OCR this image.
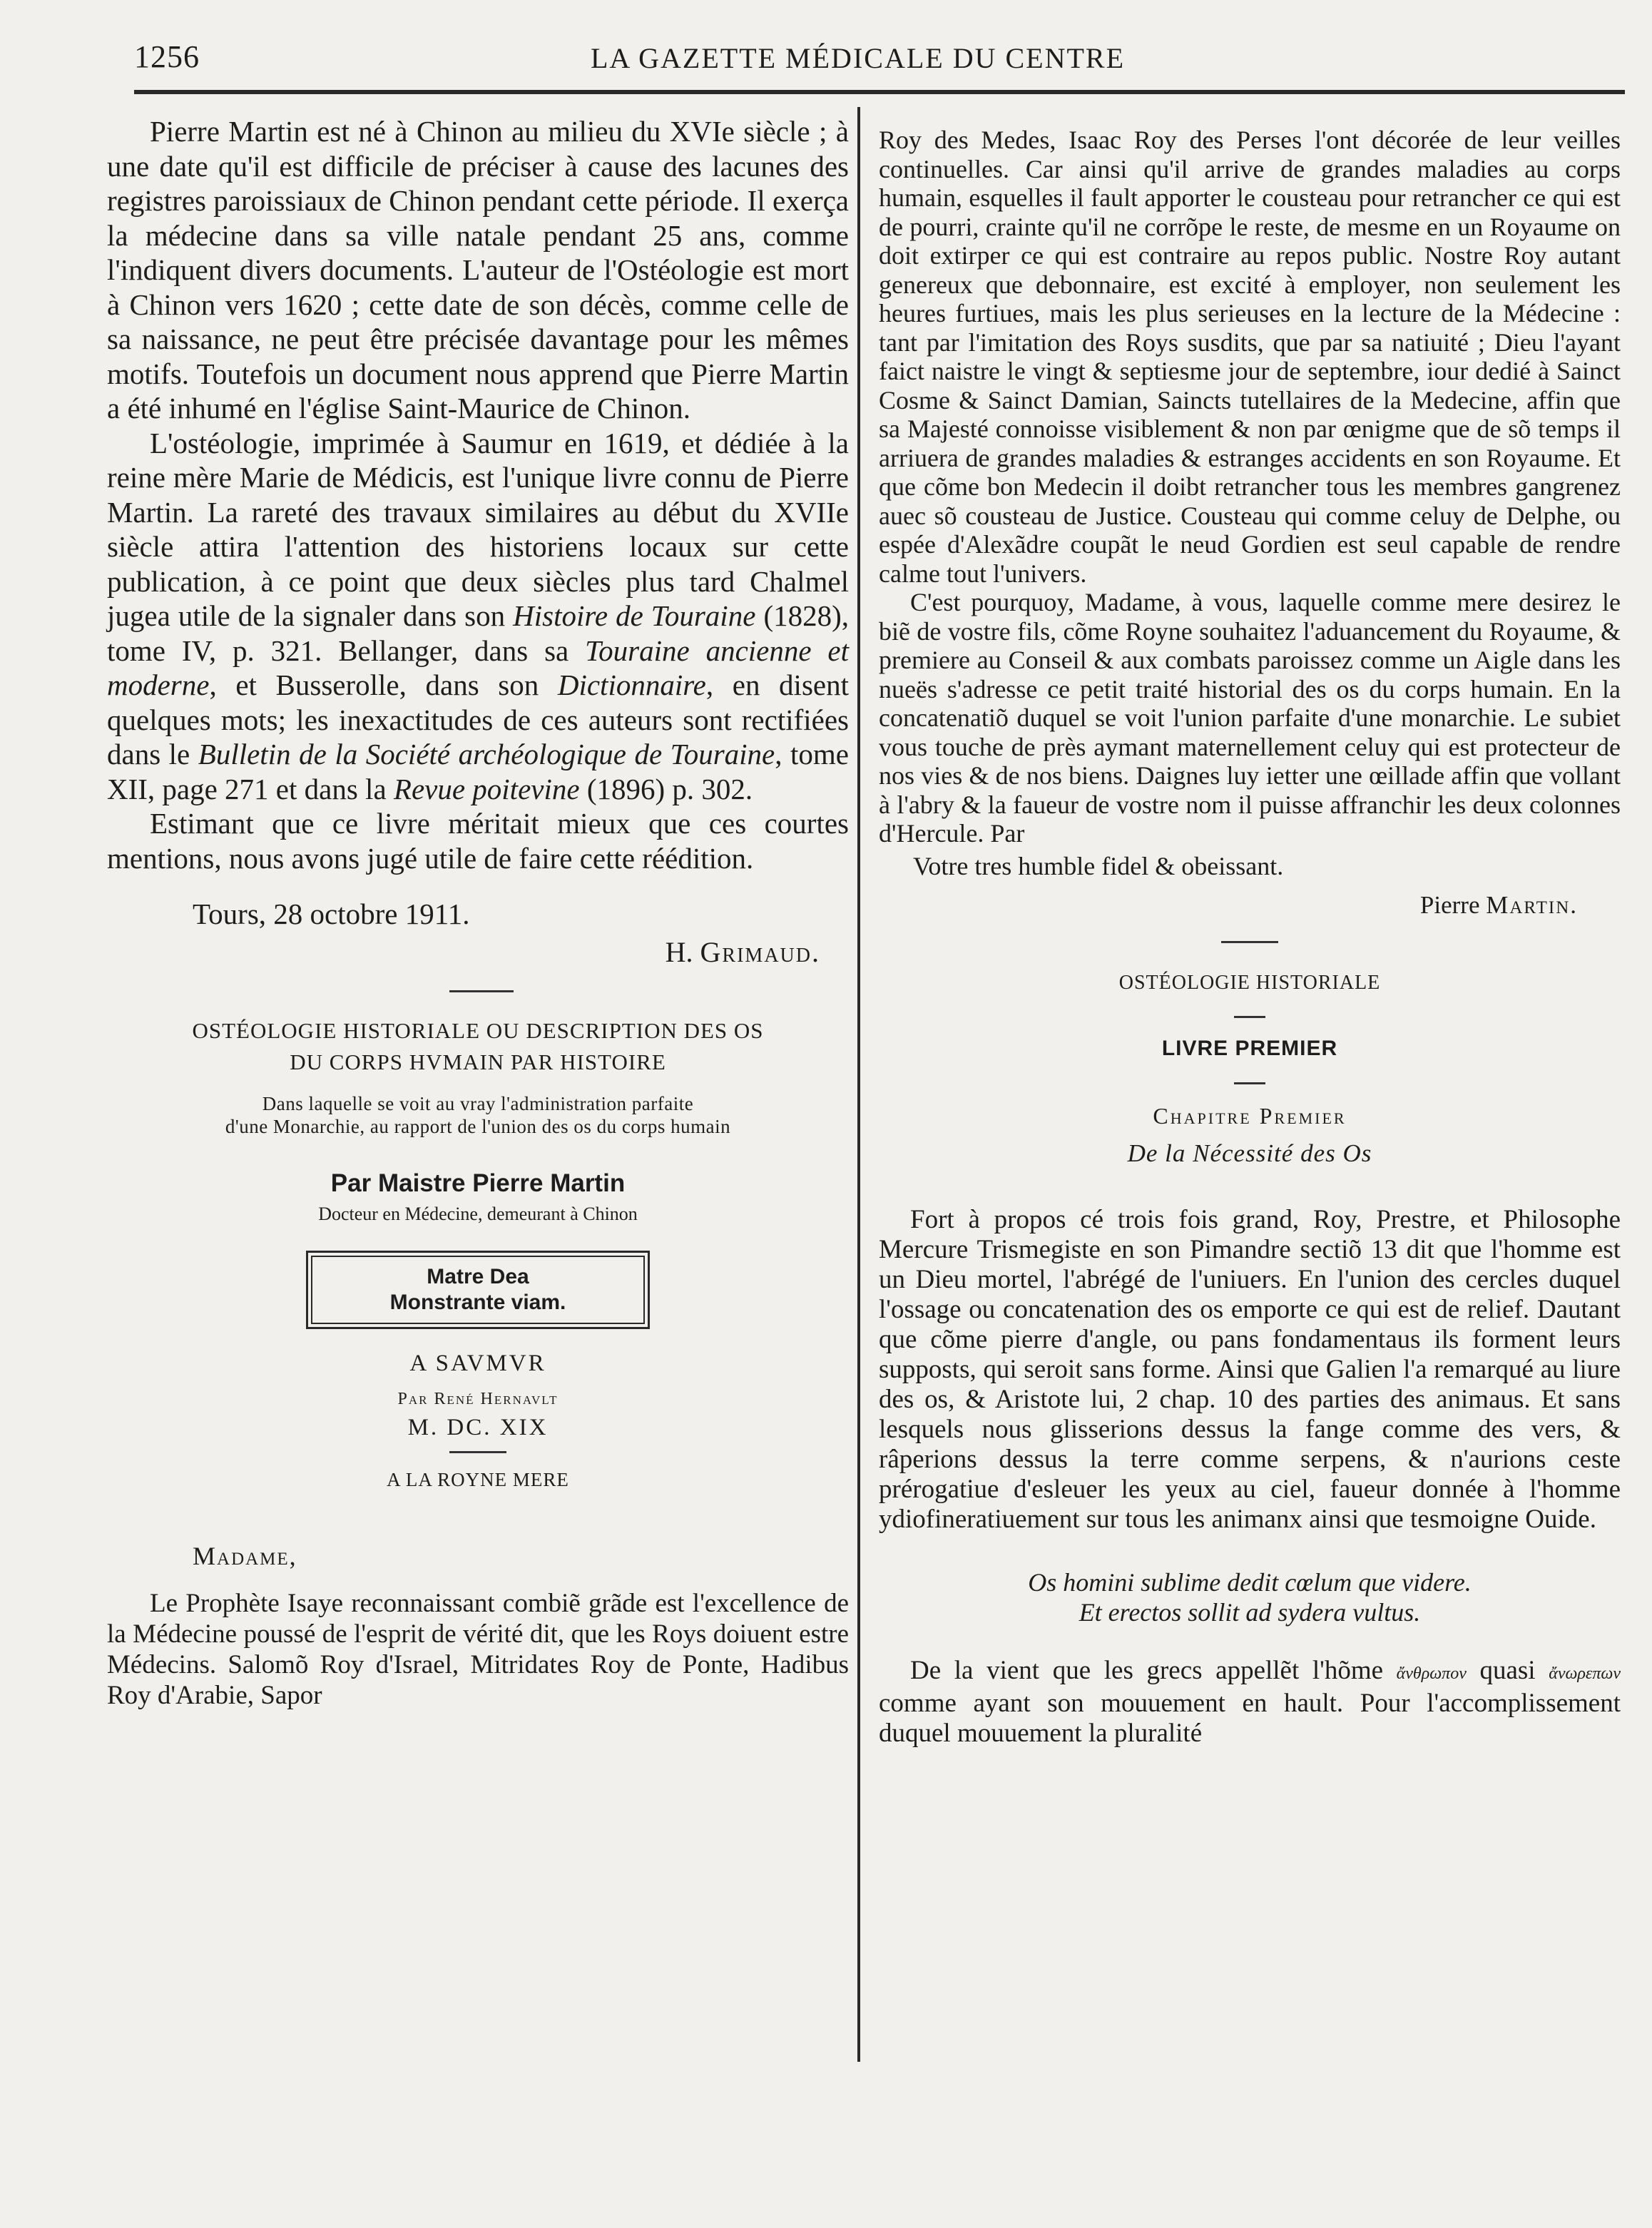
1256	LA GAZETTE MÉDICALE DU CENTRE

Pierre Martin est né à Chinon au milieu du XVIe siècle ; à une date qu'il est difficile de préciser à cause des lacunes des registres paroissiaux de Chinon pendant cette période. Il exerça la médecine dans sa ville natale pendant 25 ans, comme l'indiquent divers documents. L'auteur de l'Ostéologie est mort à Chinon vers 1620 ; cette date de son décès, comme celle de sa naissance, ne peut être précisée davantage pour les mêmes motifs. Toutefois un document nous apprend que Pierre Martin a été inhumé en l'église Saint-Maurice de Chinon.

L'ostéologie, imprimée à Saumur en 1619, et dédiée à la reine mère Marie de Médicis, est l'unique livre connu de Pierre Martin. La rareté des travaux similaires au début du XVIIe siècle attira l'attention des historiens locaux sur cette publication, à ce point que deux siècles plus tard Chalmel jugea utile de la signaler dans son Histoire de Touraine (1828), tome IV, p. 321. Bellanger, dans sa Touraine ancienne et moderne, et Busserolle, dans son Dictionnaire, en disent quelques mots; les inexactitudes de ces auteurs sont rectifiées dans le Bulletin de la Société archéologique de Touraine, tome XII, page 271 et dans la Revue poitevine (1896) p. 302.

Estimant que ce livre méritait mieux que ces courtes mentions, nous avons jugé utile de faire cette réédition.

Tours, 28 octobre 1911.
H. Grimaud.
OSTÉOLOGIE HISTORIALE OU DESCRIPTION DES OS
DU CORPS HVMAIN PAR HISTOIRE
Dans laquelle se voit au vray l'administration parfaite
d'une Monarchie, au rapport de l'union des os du corps humain
Par Maistre Pierre Martin
Docteur en Médecine, demeurant à Chinon
Matre Dea
Monstrante viam.
A SAVMVR
Par René Hernavlt
M. DC. XIX
A LA ROYNE MERE
Madame,

Le Prophète Isaye reconnaissant combiẽ grãde est l'excellence de la Médecine poussé de l'esprit de vérité dit, que les Roys doiuent estre Médecins. Salomõ Roy d'Israel, Mitridates Roy de Ponte, Hadibus Roy d'Arabie, Sapor

Roy des Medes, Isaac Roy des Perses l'ont décorée de leur veilles continuelles. Car ainsi qu'il arrive de grandes maladies au corps humain, esquelles il fault apporter le cousteau pour retrancher ce qui est de pourri, crainte qu'il ne corrõpe le reste, de mesme en un Royaume on doit extirper ce qui est contraire au repos public. Nostre Roy autant genereux que debonnaire, est excité à employer, non seulement les heures furtiues, mais les plus serieuses en la lecture de la Médecine : tant par l'imitation des Roys susdits, que par sa natiuité ; Dieu l'ayant faict naistre le vingt & septiesme jour de septembre, iour dedié à Sainct Cosme & Sainct Damian, Saincts tutellaires de la Medecine, affin que sa Majesté connoisse visiblement & non par œnigme que de sõ temps il arriuera de grandes maladies & estranges accidents en son Royaume. Et que cõme bon Medecin il doibt retrancher tous les membres gangrenez auec sõ cousteau de Justice. Cousteau qui comme celuy de Delphe, ou espée d'Alexãdre coupãt le neud Gordien est seul capable de rendre calme tout l'univers.

C'est pourquoy, Madame, à vous, laquelle comme mere desirez le biẽ de vostre fils, cõme Royne souhaitez l'aduancement du Royaume, & premiere au Conseil & aux combats paroissez comme un Aigle dans les nueës s'adresse ce petit traité historial des os du corps humain. En la concatenatiõ duquel se voit l'union parfaite d'une monarchie. Le subiet vous touche de près aymant maternellement celuy qui est protecteur de nos vies & de nos biens. Daignes luy ietter une œillade affin que vollant à l'abry & la faueur de vostre nom il puisse affranchir les deux colonnes d'Hercule. Par

Votre tres humble fidel & obeissant.
Pierre Martin.
OSTÉOLOGIE HISTORIALE
LIVRE PREMIER
Chapitre Premier
De la Nécessité des Os

Fort à propos cé trois fois grand, Roy, Prestre, et Philosophe Mercure Trismegiste en son Pimandre sectiõ 13 dit que l'homme est un Dieu mortel, l'abrégé de l'uniuers. En l'union des cercles duquel l'ossage ou concatenation des os emporte ce qui est de relief. Dautant que cõme pierre d'angle, ou pans fondamentaus ils forment leurs supposts, qui seroit sans forme. Ainsi que Galien l'a remarqué au liure des os, & Aristote lui, 2 chap. 10 des parties des animaus. Et sans lesquels nous glisserions dessus la fange comme des vers, & râperions dessus la terre comme serpens, & n'aurions ceste prérogatiue d'esleuer les yeux au ciel, faueur donnée à l'homme ydiofineratiuement sur tous les animanx ainsi que tesmoigne Ouide.

Os homini sublime dedit cœlum que videre.
Et erectos sollit ad sydera vultus.

De la vient que les grecs appellẽt l'hõme ἄνθρωπον quasi ἄνωρεπων comme ayant son mouuement en hault. Pour l'accomplissement duquel mouuement la pluralité
